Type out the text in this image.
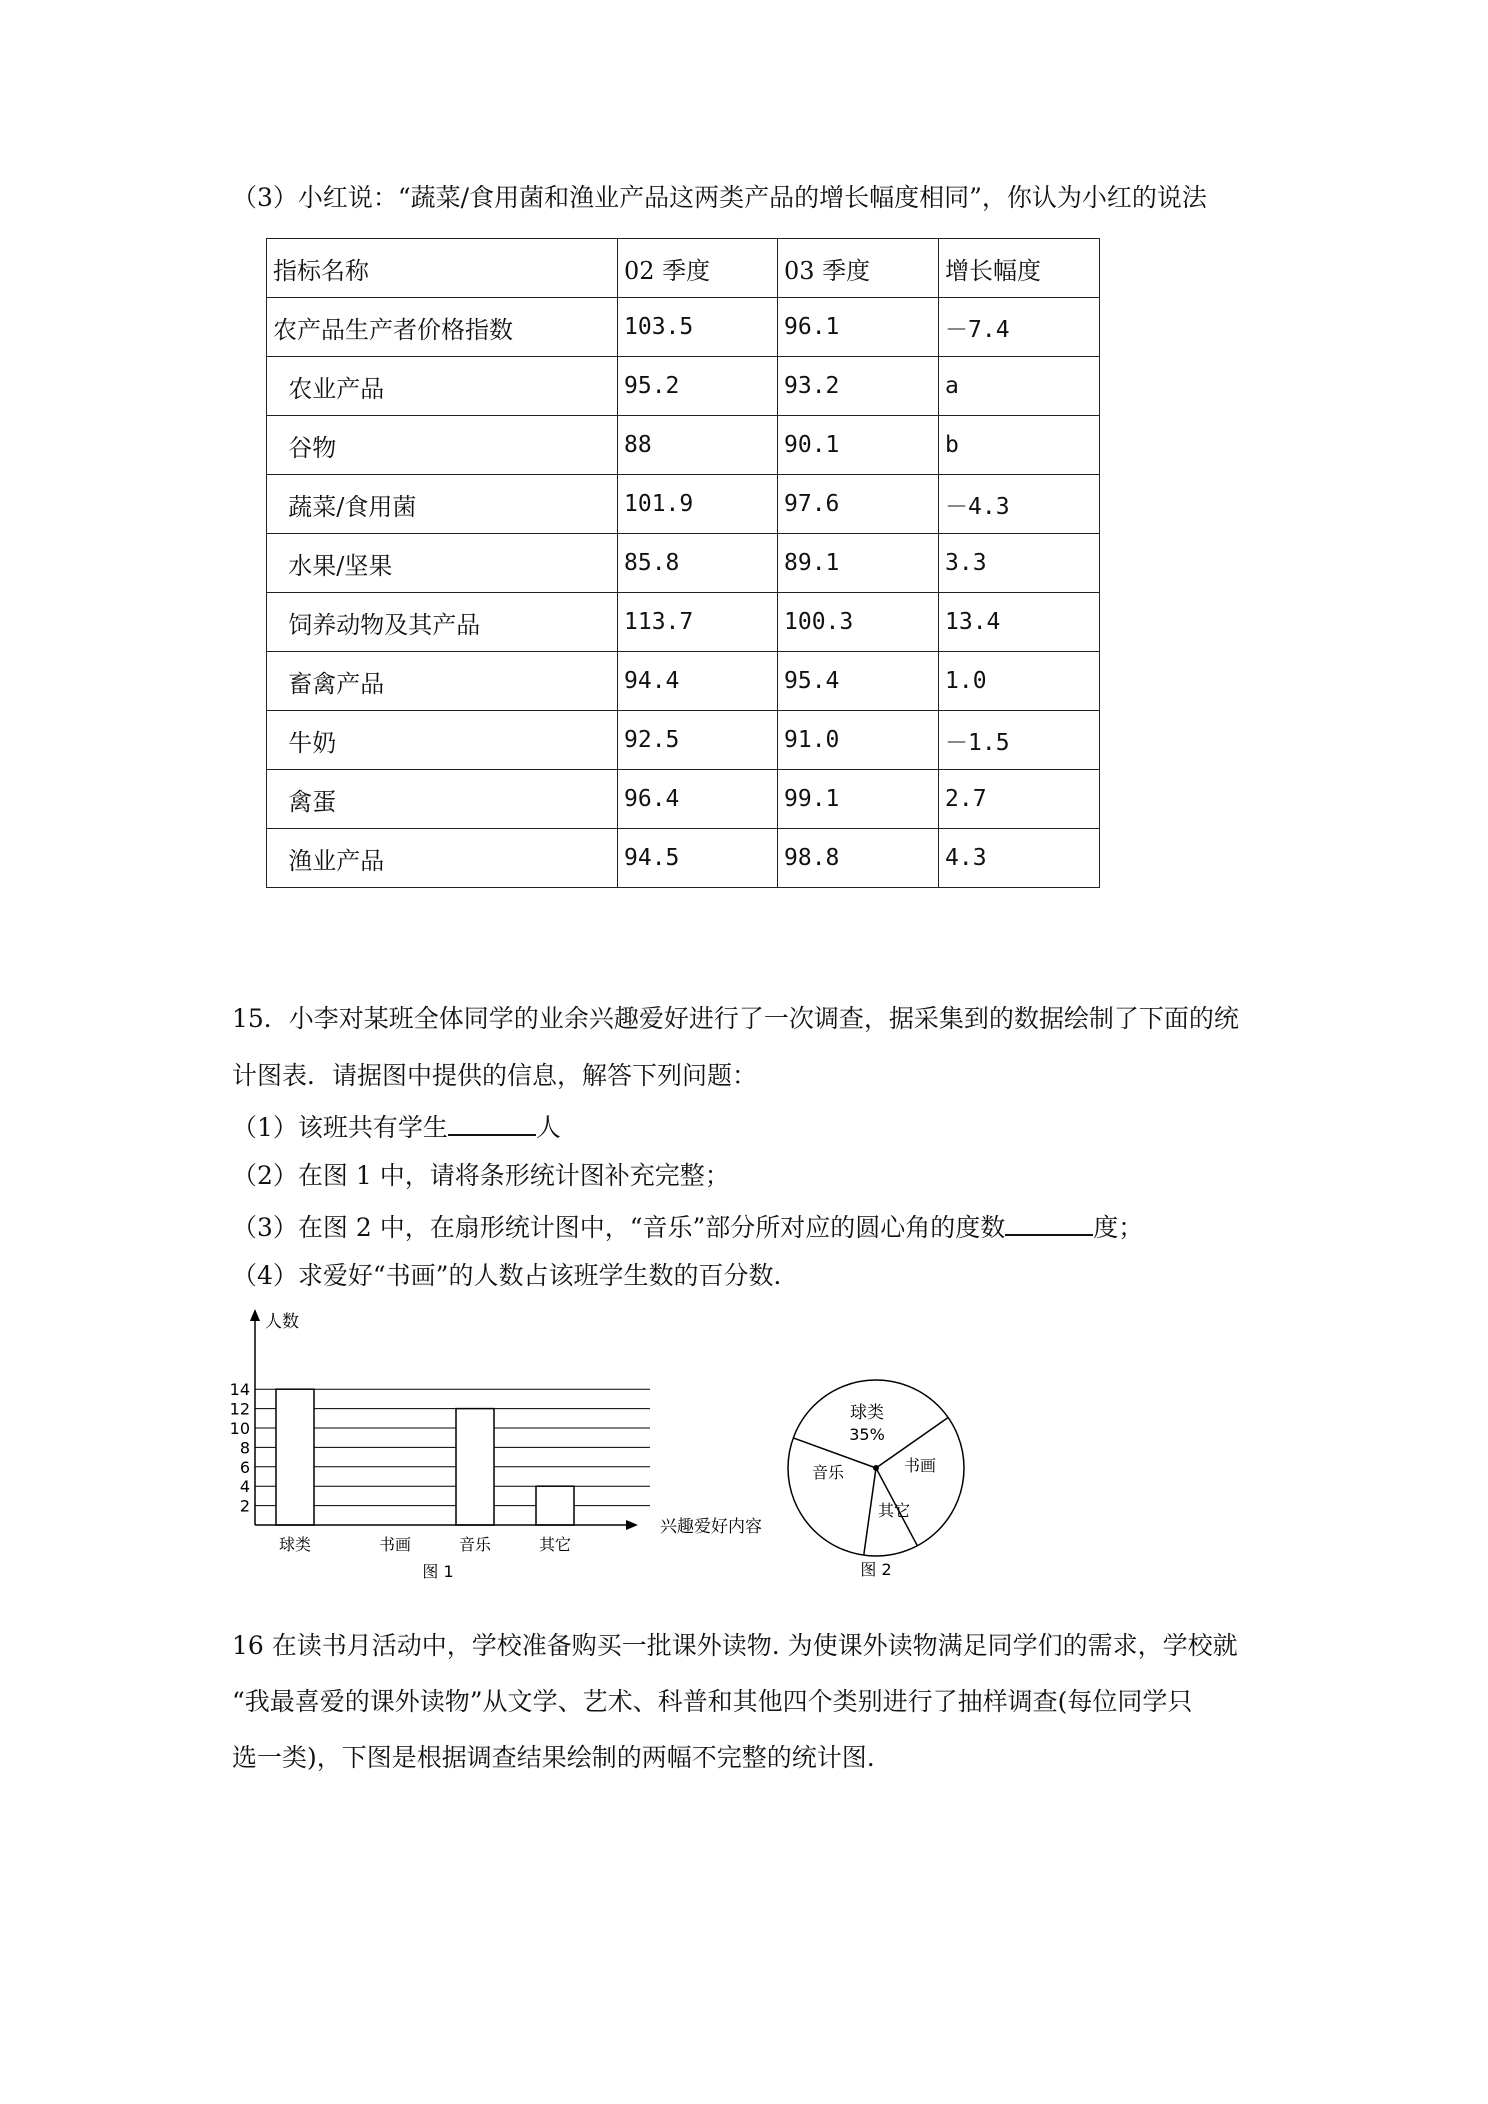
（3）小红说：“蔬菜/食用菌和渔业产品这两类产品的增长幅度相同”，你认为小红的说法
指标名称	02 季度	03 季度	增长幅度
农产品生产者价格指数	103.5	96.1	－7.4
农业产品	95.2	93.2	a
谷物	88	90.1	b
蔬菜/食用菌	101.9	97.6	－4.3
水果/坚果	85.8	89.1	3.3
饲养动物及其产品	113.7	100.3	13.4
畜禽产品	94.4	95.4	1.0
牛奶	92.5	91.0	－1.5
禽蛋	96.4	99.1	2.7
渔业产品	94.5	98.8	4.3
15．小李对某班全体同学的业余兴趣爱好进行了一次调查，据采集到的数据绘制了下面的统
计图表．请据图中提供的信息，解答下列问题：
（1）该班共有学生	人
（2）在图 1 中，请将条形统计图补充完整；
（3）在图 2 中，在扇形统计图中，“音乐”部分所对应的圆心角的度数	度；
（4）求爱好“书画”的人数占该班学生数的百分数．
2
4
6
8
10
12
14
球类	书画	音乐	其它
人数
兴趣爱好内容
图 1
球类
35%
书画
其它
音乐
图 2
16 在读书月活动中，学校准备购买一批课外读物. 为使课外读物满足同学们的需求，学校就
“我最喜爱的课外读物”从文学、艺术、科普和其他四个类别进行了抽样调查(每位同学只
选一类)，下图是根据调查结果绘制的两幅不完整的统计图.
